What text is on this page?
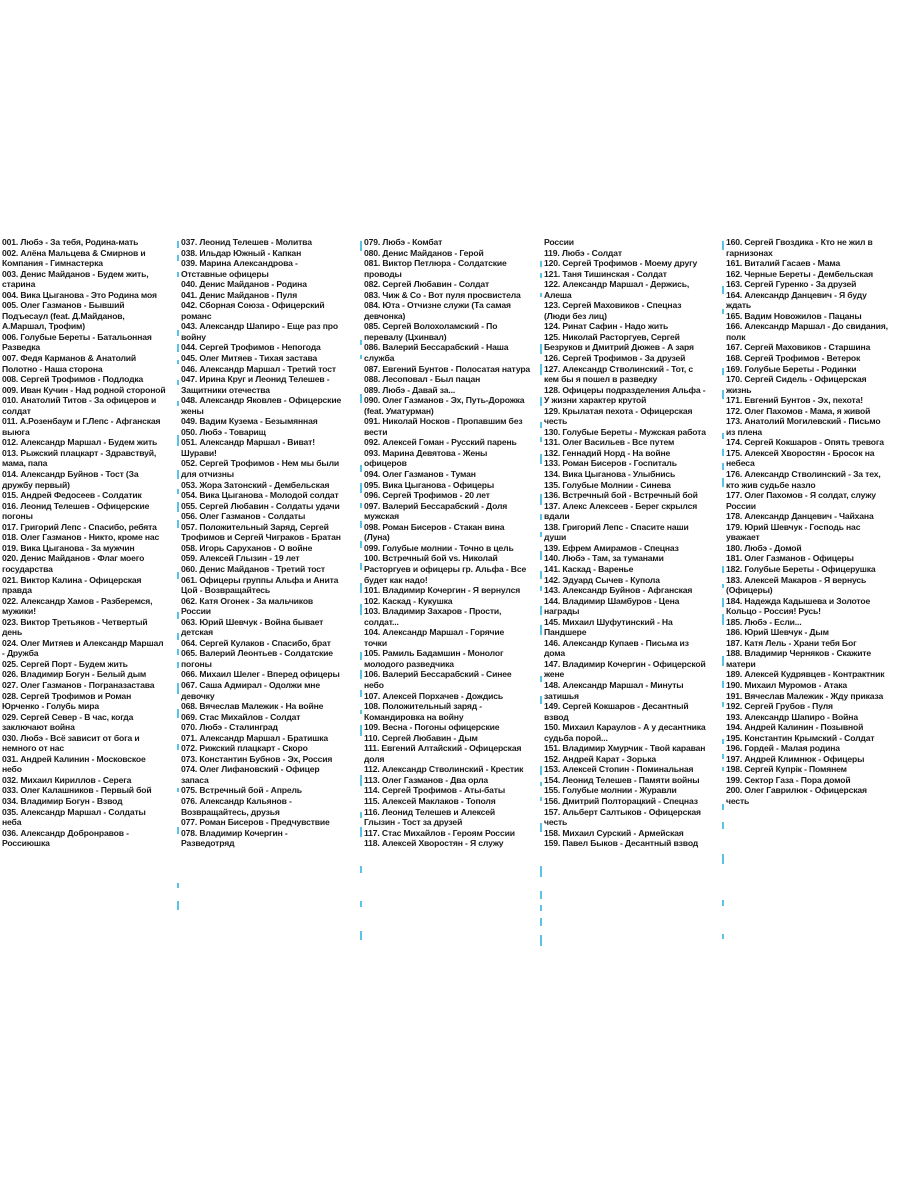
001. Любэ - За тебя, Родина-мать
002. Алёна Мальцева & Смирнов и
Компания - Гимнастерка
003. Денис Майданов - Будем жить,
старина
004. Вика Цыганова - Это Родина моя
005. Олег Газманов - Бывший
Подъесаул (feat. Д.Майданов,
А.Маршал, Трофим)
006. Голубые Береты - Батальонная
Разведка
007. Федя Карманов & Анатолий
Полотно - Наша сторона
008. Сергей Трофимов - Подлодка
009. Иван Кучин - Над родной стороной
010. Анатолий Титов - За офицеров и
солдат
011. А.Розенбаум и Г.Лепс - Афганская
выюга
012. Александр Маршал - Будем жить
013. Рыжский плацкарт - Здравствуй,
мама, папа
014. Александр Буйнов - Тост (За
дружбу первый)
015. Андрей Федосеев - Солдатик
016. Леонид Телешев - Офицерские
погоны
017. Григорий Лепс - Спасибо, ребята
018. Олег Газманов - Никто, кроме нас
019. Вика Цыганова - За мужчин
020. Денис Майданов - Флаг моего
государства
021. Виктор Калина - Офицерская
правда
022. Александр Хамов - Разберемся,
мужики!
023. Виктор Третьяков - Четвертый
день
024. Олег Митяев и Александр Маршал
- Дружба
025. Сергей Порт - Будем жить
026. Владимир Богун - Белый дым
027. Олег Газманов - Пограназастава
028. Сергей Трофимов и Роман
Юрченко - Голубь мира
029. Сергей Север - В час, когда
заключают война
030. Любэ - Всё зависит от бога и
немного от нас
031. Андрей Калинин - Московское
небо
032. Михаил Кириллов - Серега
033. Олег Калашников - Первый бой
034. Владимир Богун - Взвод
035. Александр Маршал - Солдаты
неба
036. Александр Добронравов -
Россиюшка
037. Леонид Телешев - Молитва
038. Ильдар Южный - Капкан
039. Марина Александрова -
Отставные офицеры
040. Денис Майданов - Родина
041. Денис Майданов - Пуля
042. Сборная Союза - Офицерский
романс
043. Александр Шапиро - Еще раз про
войну
044. Сергей Трофимов - Непогода
045. Олег Митяев - Тихая застава
046. Александр Маршал - Третий тост
047. Ирина Круг и Леонид Телешев -
Защитники отечества
048. Александр Яковлев - Офицерские
жены
049. Вадим Кузема - Безымянная
050. Любэ - Товарищ
051. Александр Маршал - Виват!
Шурави!
052. Сергей Трофимов - Нем мы были
для отчизны
053. Жора Затонский - Дембельская
054. Вика Цыганова - Молодой солдат
055. Сергей Любавин - Солдаты удачи
056. Олег Газманов - Солдаты
057. Положительный Заряд, Сергей
Трофимов и Сергей Чиграков - Братан
058. Игорь Саруханов - О войне
059. Алексей Глызин - 19 лет
060. Денис Майданов - Третий тост
061. Офицеры группы Альфа и Анита
Цой - Возвращайтесь
062. Катя Огонек - За мальчиков
России
063. Юрий Шевчук - Война бывает
детская
064. Сергей Кулаков - Спасибо, брат
065. Валерий Леонтьев - Солдатские
погоны
066. Михаил Шелег - Вперед офицеры
067. Саша Адмирал - Одолжи мне
девочку
068. Вячеслав Малежик - На войне
069. Стас Михайлов - Солдат
070. Любэ - Сталинград
071. Александр Маршал - Братишка
072. Рижский плацкарт - Скоро
073. Константин Бубнов - Эх, Россия
074. Олег Лифановский - Офицер
запаса
075. Встречный бой - Апрель
076. Александр Кальянов -
Возвращайтесь, друзья
077. Роман Бисеров - Предчувствие
078. Владимир Кочергин -
Разведотряд
079. Любэ - Комбат
080. Денис Майданов - Герой
081. Виктор Петлюра - Солдатские
проводы
082. Сергей Любавин - Солдат
083. Чиж & Co - Вот пуля просвистела
084. Юта - Отчизне служи (Та самая
девчонка)
085. Сергей Волохоламский - По
перевалу (Цхинвал)
086. Валерий Бессарабский - Наша
служба
087. Евгений Бунтов - Полосатая натура
088. Лесоповал - Был пацан
089. Любэ - Давай за...
090. Олег Газманов - Эх, Путь-Дорожка
(feat. Уматурман)
091. Николай Носков - Пропавшим без
вести
092. Алексей Гоман - Русский парень
093. Марина Девятова - Жены
офицеров
094. Олег Газманов - Туман
095. Вика Цыганова - Офицеры
096. Сергей Трофимов - 20 лет
097. Валерий Бессарабский - Доля
мужская
098. Роман Бисеров - Стакан вина
(Луна)
099. Голубые молнии - Точно в цель
100. Встречный бой vs. Николай
Расторгуев и офицеры гр. Альфа - Все
будет как надо!
101. Владимир Кочергин - Я вернулся
102. Каскад - Кукушка
103. Владимир Захаров - Прости,
солдат...
104. Александр Маршал - Горячие
точки
105. Рамиль Бадамшин - Монолог
молодого разведчика
106. Валерий Бессарабский - Синее
небо
107. Алексей Порхачев - Дождись
108. Положительный заряд -
Командировка на войну
109. Весна - Погоны офицерские
110. Сергей Любавин - Дым
111. Евгений Алтайский - Офицерская
доля
112. Александр Стволинский - Крестик
113. Олег Газманов - Два орла
114. Сергей Трофимов - Аты-баты
115. Алексей Маклаков - Тополя
116. Леонид Телешев и Алексей
Глызин - Тост за друзей
117. Стас Михайлов - Героям России
118. Алексей Хворостян - Я служу
России
119. Любэ - Солдат
120. Сергей Трофимов - Моему другу
121. Таня Тишинская - Солдат
122. Александр Маршал - Держись,
Алеша
123. Сергей Маховиков - Спецназ
(Люди без лиц)
124. Ринат Сафин - Надо жить
125. Николай Расторгуев, Сергей
Безруков и Дмитрий Дюжев - А заря
126. Сергей Трофимов - За друзей
127. Александр Стволинский - Тот, с
кем бы я пошел в разведку
128. Офицеры подразделения Альфа -
У жизни характер крутой
129. Крылатая пехота - Офицерская
честь
130. Голубые Береты - Мужская работа
131. Олег Васильев - Все путем
132. Геннадий Норд - На войне
133. Роман Бисеров - Госпиталь
134. Вика Цыганова - Улыбнись
135. Голубые Молнии - Синева
136. Встречный бой - Встречный бой
137. Алекс Алексеев - Берег скрылся
вдали
138. Григорий Лепс - Спасите наши
души
139. Ефрем Амирамов - Спецназ
140. Любэ - Там, за туманами
141. Каскад - Варенье
142. Эдуард Сычев - Купола
143. Александр Буйнов - Афганская
144. Владимир Шамбуров - Цена
награды
145. Михаил Шуфутинский - На
Пандшере
146. Александр Купаев - Письма из
дома
147. Владимир Кочергин - Офицерской
жене
148. Александр Маршал - Минуты
затишья
149. Сергей Кокшаров - Десантный
взвод
150. Михаил Караулов - А у десантника
судьба порой...
151. Владимир Хмурчик - Твой караван
152. Андрей Карат - Зорька
153. Алексей Стопин - Поминальная
154. Леонид Телешев - Памяти войны
155. Голубые молнии - Журавли
156. Дмитрий Полторацкий - Спецназ
157. Альберт Салтыков - Офицерская
честь
158. Михаил Сурский - Армейская
159. Павел Быков - Десантный взвод
160. Сергей Гвоздика - Кто не жил в
гарнизонах
161. Виталий Гасаев - Мама
162. Черные Береты - Дембельская
163. Сергей Гуренко - За друзей
164. Александр Данцевич - Я буду
ждать
165. Вадим Новожилов - Пацаны
166. Александр Маршал - До свидания,
полк
167. Сергей Маховиков - Старшина
168. Сергей Трофимов - Ветерок
169. Голубые Береты - Родинки
170. Сергей Сидель - Офицерская
жизнь
171. Евгений Бунтов - Эх, пехота!
172. Олег Пахомов - Мама, я живой
173. Анатолий Могилевский - Письмо
из плена
174. Сергей Кокшаров - Опять тревога
175. Алексей Хворостян - Бросок на
небеса
176. Александр Стволинский - За тех,
кто жив судьбе назло
177. Олег Пахомов - Я солдат, служу
России
178. Александр Данцевич - Чайхана
179. Юрий Шевчук - Господь нас
уважает
180. Любэ - Домой
181. Олег Газманов - Офицеры
182. Голубые Береты - Офицерушка
183. Алексей Макаров - Я вернусь
(Офицеры)
184. Надежда Кадышева и Золотое
Кольцо - Россия! Русь!
185. Любэ - Если...
186. Юрий Шевчук - Дым
187. Катя Лель - Храни тебя Бог
188. Владимир Черняков - Скажите
матери
189. Алексей Кудрявцев - Контрактник
190. Михаил Муромов - Атака
191. Вячеслав Малежик - Жду приказа
192. Сергей Грубов - Пуля
193. Александр Шапиро - Война
194. Андрей Калинин - Позывной
195. Константин Крымский - Солдат
196. Гордей - Малая родина
197. Андрей Климнюк - Офицеры
198. Сергей Купрік - Помянем
199. Сектор Газа - Пора домой
200. Олег Гаврилюк - Офицерская
честь
